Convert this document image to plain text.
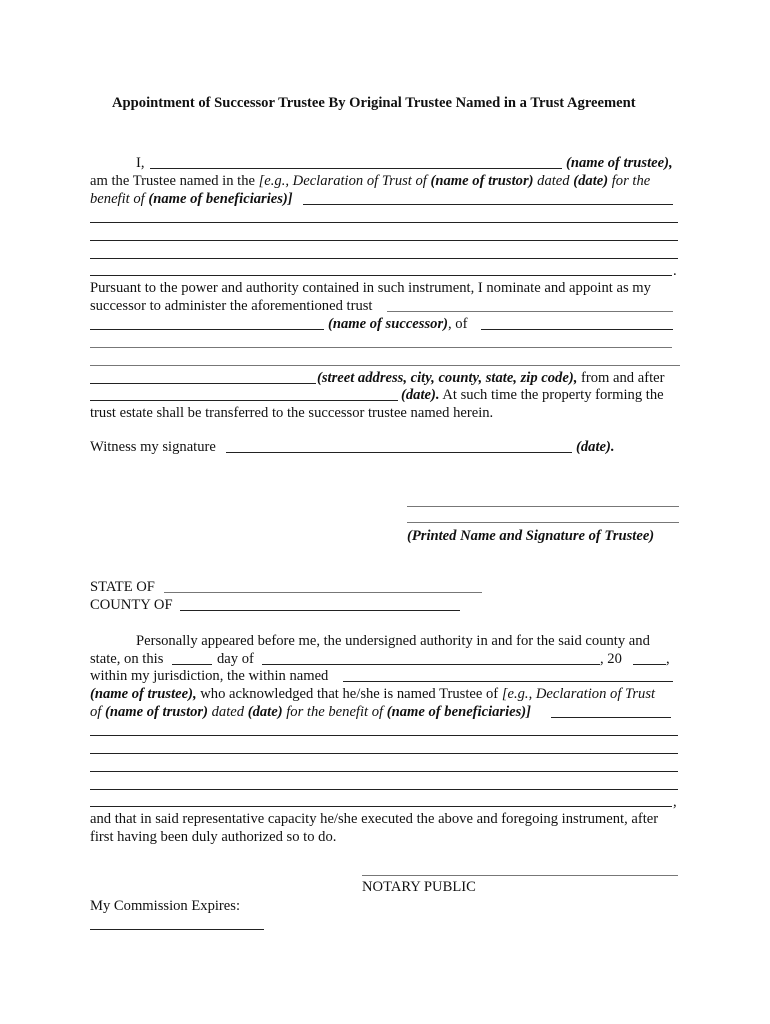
Appointment of Successor Trustee By Original Trustee Named in a Trust Agreement
I,	(name of trustee),
am the Trustee named in the [e.g., Declaration of Trust of (name of trustor) dated (date) for the
benefit of (name of beneficiaries)]
.
Pursuant to the power and authority contained in such instrument, I nominate and appoint as my
successor to administer the aforementioned trust
(name of successor), of
(street address, city, county, state, zip code), from and after
(date). At such time the property forming the
trust estate shall be transferred to the successor trustee named herein.
Witness my signature	(date).
(Printed Name and Signature of Trustee)
STATE OF
COUNTY OF
Personally appeared before me, the undersigned authority in and for the said county and
state, on this	day of	, 20	,
within my jurisdiction, the within named
(name of trustee), who acknowledged that he/she is named Trustee of [e.g., Declaration of Trust
of (name of trustor) dated (date) for the benefit of (name of beneficiaries)]
,
and that in said representative capacity he/she executed the above and foregoing instrument, after
first having been duly authorized so to do.
NOTARY PUBLIC
My Commission Expires:
